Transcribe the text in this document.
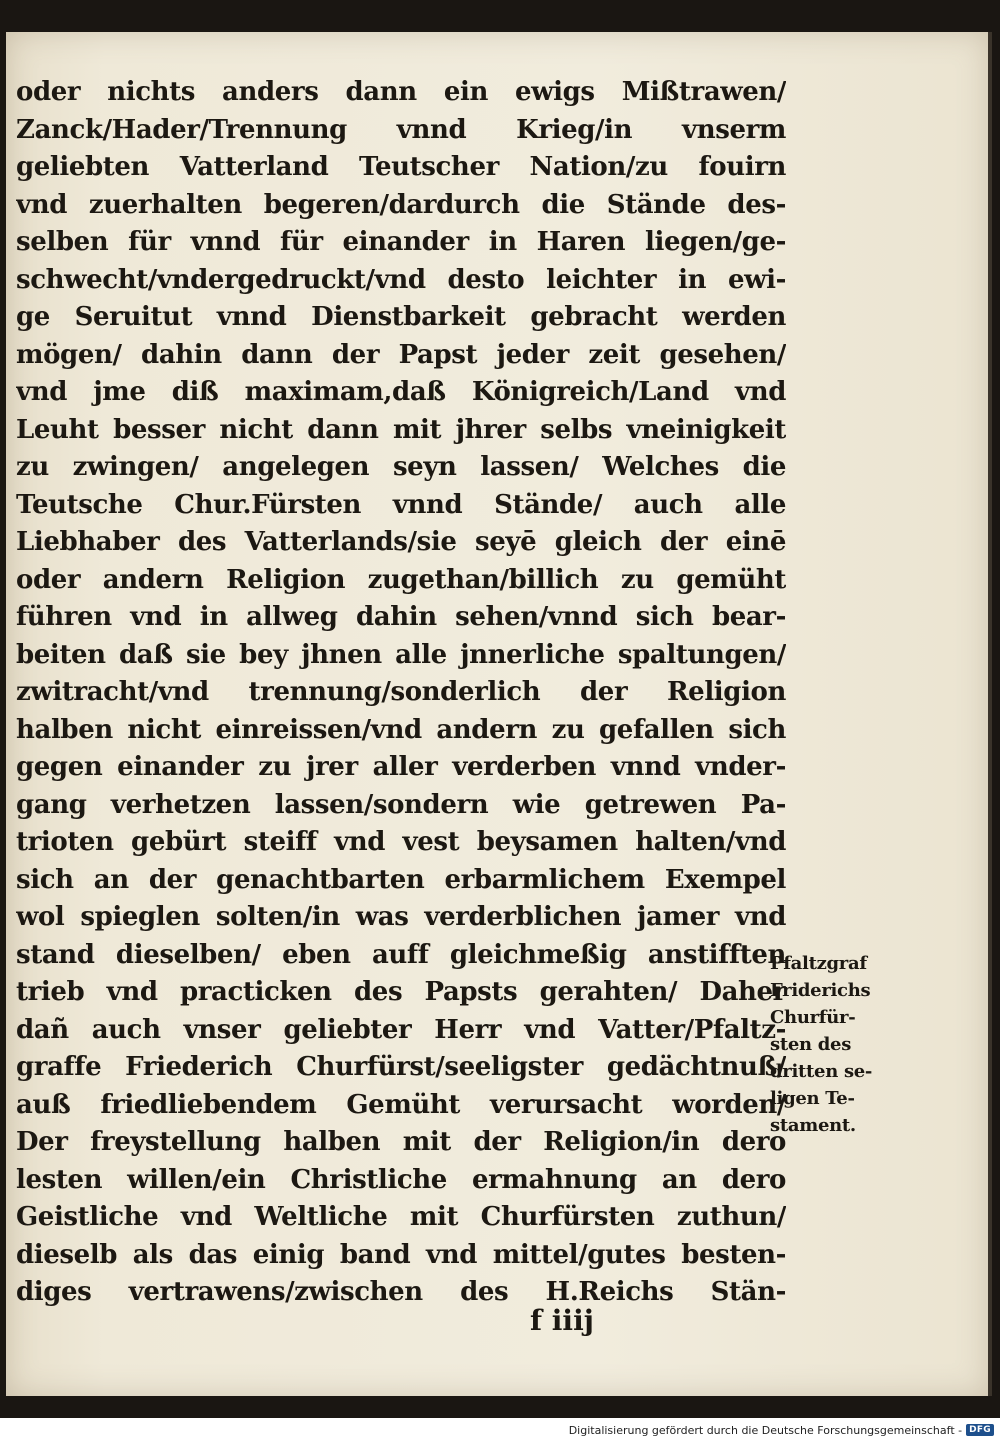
oder nichts anders dann ein ewigs Mißtrawen/
Zanck/Hader/Trennung vnnd Krieg/in vnserm
geliebten Vatterland Teutscher Nation/zu fouirn
vnd zuerhalten begeren/dardurch die Stände des-
selben für vnnd für einander in Haren liegen/ge-
schwecht/vndergedruckt/vnd desto leichter in ewi-
ge Seruitut vnnd Dienstbarkeit gebracht werden
mögen/ dahin dann der Papst jeder zeit gesehen/
vnd jme diß maximam,daß Königreich/Land vnd
Leuht besser nicht dann mit jhrer selbs vneinigkeit
zu zwingen/ angelegen seyn lassen/ Welches die
Teutsche Chur.Fürsten vnnd Stände/ auch alle
Liebhaber des Vatterlands/sie seyē gleich der einē
oder andern Religion zugethan/billich zu gemüht
führen vnd in allweg dahin sehen/vnnd sich bear-
beiten daß sie bey jhnen alle jnnerliche spaltungen/
zwitracht/vnd trennung/sonderlich der Religion
halben nicht einreissen/vnd andern zu gefallen sich
gegen einander zu jrer aller verderben vnnd vnder-
gang verhetzen lassen/sondern wie getrewen Pa-
trioten gebürt steiff vnd vest beysamen halten/vnd
sich an der genachtbarten erbarmlichem Exempel
wol spieglen solten/in was verderblichen jamer vnd
stand dieselben/ eben auff gleichmeßig anstifften
trieb vnd practicken des Papsts gerahten/ Daher
dañ auch vnser geliebter Herr vnd Vatter/Pfaltz-
graffe Friederich Churfürst/seeligster gedächtnuß/
auß friedliebendem Gemüht verursacht worden/
Der freystellung halben mit der Religion/in dero
lesten willen/ein Christliche ermahnung an dero
Geistliche vnd Weltliche mit Churfürsten zuthun/
dieselb als das einig band vnd mittel/gutes besten-
diges vertrawens/zwischen des H.Reichs Stän-
Pfaltzgraf
Friderichs
Churfür-
sten des
dritten se-
ligen Te-
stament.
f iiij
Digitalisierung gefördert durch die Deutsche Forschungsgemeinschaft - DFG
